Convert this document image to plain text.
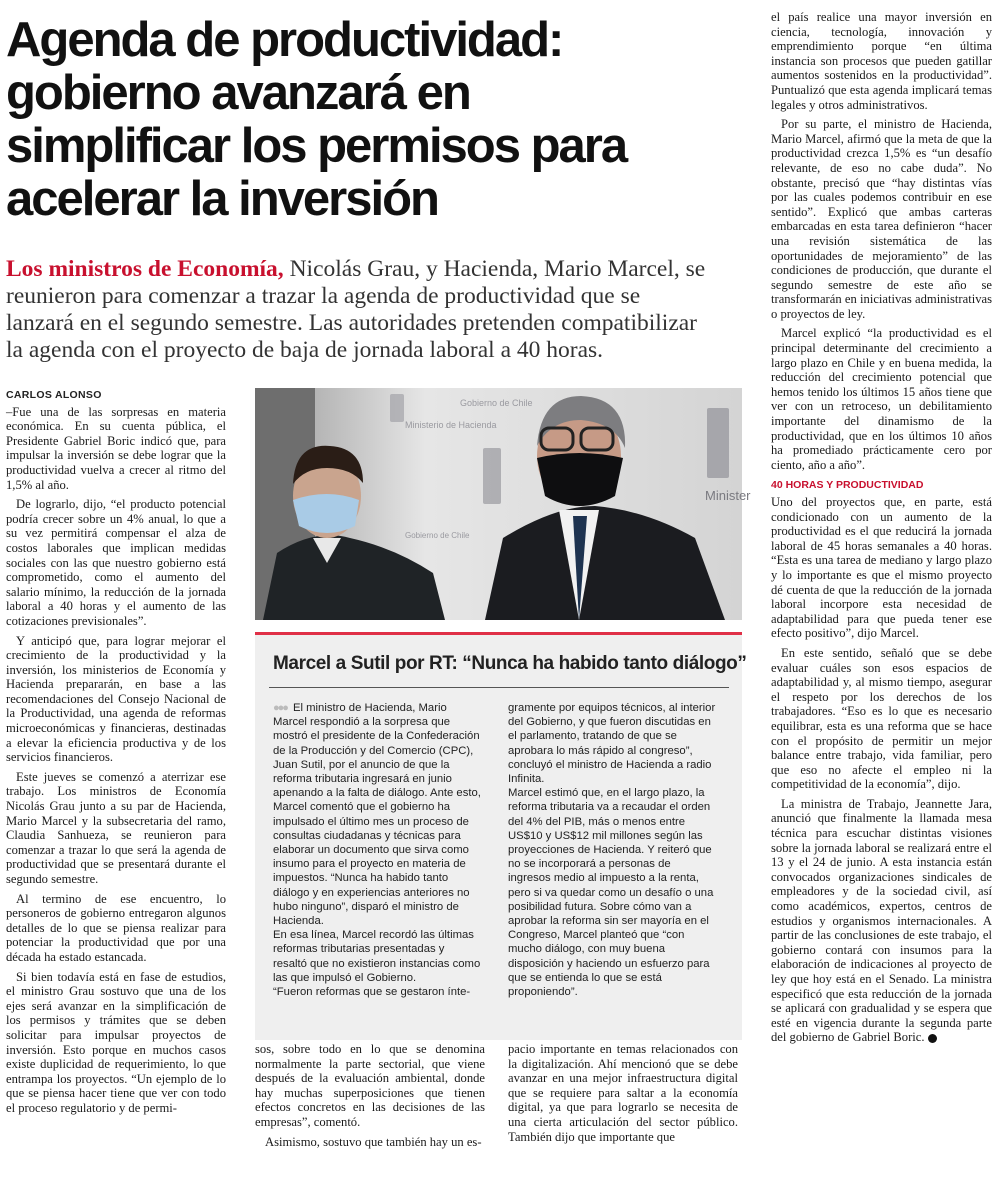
Agenda de productividad:
gobierno avanzará en
simplificar los permisos para
acelerar la inversión
Los ministros de Economía, Nicolás Grau, y Hacienda, Mario Marcel, se
reunieron para comenzar a trazar la agenda de productividad que se
lanzará en el segundo semestre. Las autoridades pretenden compatibilizar
la agenda con el proyecto de baja de jornada laboral a 40 horas.
CARLOS ALONSO

–Fue una de las sorpresas en materia económica. En su cuenta pública, el Presidente Gabriel Boric indicó que, para impulsar la inversión se debe lograr que la productividad vuelva a crecer al ritmo del 1,5% al año.

De lograrlo, dijo, “el producto potencial podría crecer sobre un 4% anual, lo que a su vez permitirá compensar el alza de costos laborales que implican medidas sociales con las que nuestro gobierno está comprometido, como el aumento del salario mínimo, la reducción de la jornada laboral a 40 horas y el aumento de las cotizaciones previsionales”.

Y anticipó que, para lograr mejorar el crecimiento de la productividad y la inversión, los ministerios de Economía y Hacienda prepararán, en base a las recomendaciones del Consejo Nacional de la Productividad, una agenda de reformas microeconómicas y financieras, destinadas a elevar la eficiencia productiva y de los servicios financieros.

Este jueves se comenzó a aterrizar ese trabajo. Los ministros de Economía Nicolás Grau junto a su par de Hacienda, Mario Marcel y la subsecretaria del ramo, Claudia Sanhueza, se reunieron para comenzar a trazar lo que será la agenda de productividad que se presentará durante el segundo semestre.

Al termino de ese encuentro, lo personeros de gobierno entregaron algunos detalles de lo que se piensa realizar para potenciar la productividad que por una década ha estado estancada.

Si bien todavía está en fase de estudios, el ministro Grau sostuvo que una de los ejes será avanzar en la simplificación de los permisos y trámites que se deben solicitar para impulsar proyectos de inversión. Esto porque en muchos casos existe duplicidad de requerimiento, lo que entrampa los proyectos. “Un ejemplo de lo que se piensa hacer tiene que ver con todo el proceso regulatorio y de permi-

Gobierno de Chile
Ministerio de Hacienda
Gobierno de Chile
Minister
Marcel a Sutil por RT: “Nunca ha habido tanto diálogo”

●●● El ministro de Hacienda, Mario Marcel respondió a la sorpresa que mostró el presidente de la Confederación de la Producción y del Comercio (CPC), Juan Sutil, por el anuncio de que la reforma tributaria ingresará en junio apenando a la falta de diálogo. Ante esto, Marcel comentó que el gobierno ha impulsado el último mes un proceso de consultas ciudadanas y técnicas para elaborar un documento que sirva como insumo para el proyecto en materia de impuestos. “Nunca ha habido tanto diálogo y en experiencias anteriores no hubo ninguno”, disparó el ministro de Hacienda.

En esa línea, Marcel recordó las últimas reformas tributarias presentadas y resaltó que no existieron instancias como las que impulsó el Gobierno.

“Fueron reformas que se gestaron ínte-

gramente por equipos técnicos, al interior del Gobierno, y que fueron discutidas en el parlamento, tratando de que se aprobara lo más rápido al congreso”, concluyó el ministro de Hacienda a radio Infinita.

Marcel estimó que, en el largo plazo, la reforma tributaria va a recaudar el orden del 4% del PIB, más o menos entre US$10 y US$12 mil millones según las proyecciones de Hacienda. Y reiteró que no se incorporará a personas de ingresos medio al impuesto a la renta, pero si va quedar como un desafío o una posibilidad futura. Sobre cómo van a aprobar la reforma sin ser mayoría en el Congreso, Marcel planteó que “con mucho diálogo, con muy buena disposición y haciendo un esfuerzo para que se entienda lo que se está proponiendo”.

sos, sobre todo en lo que se denomina normalmente la parte sectorial, que viene después de la evaluación ambiental, donde hay muchas superposiciones que tienen efectos concretos en las decisiones de las empresas”, comentó.

Asimismo, sostuvo que también hay un es-

pacio importante en temas relacionados con la digitalización. Ahí mencionó que se debe avanzar en una mejor infraestructura digital que se requiere para saltar a la economía digital, ya que para lograrlo se necesita de una cierta articulación del sector público. También dijo que importante que

el país realice una mayor inversión en ciencia, tecnología, innovación y emprendimiento porque “en última instancia son procesos que pueden gatillar aumentos sostenidos en la productividad”. Puntualizó que esta agenda implicará temas legales y otros administrativos.

Por su parte, el ministro de Hacienda, Mario Marcel, afirmó que la meta de que la productividad crezca 1,5% es “un desafío relevante, de eso no cabe duda”. No obstante, precisó que “hay distintas vías por las cuales podemos contribuir en ese sentido”. Explicó que ambas carteras embarcadas en esta tarea definieron “hacer una revisión sistemática de las oportunidades de mejoramiento” de las condiciones de producción, que durante el segundo semestre de este año se transformarán en iniciativas administrativas o proyectos de ley.

Marcel explicó “la productividad es el principal determinante del crecimiento a largo plazo en Chile y en buena medida, la reducción del crecimiento potencial que hemos tenido los últimos 15 años tiene que ver con un retroceso, un debilitamiento importante del dinamismo de la productividad, que en los últimos 10 años ha promediado prácticamente cero por ciento, año a año”.

40 HORAS Y PRODUCTIVIDAD

Uno del proyectos que, en parte, está condicionado con un aumento de la productividad es el que reducirá la jornada laboral de 45 horas semanales a 40 horas. “Esta es una tarea de mediano y largo plazo y lo importante es que el mismo proyecto dé cuenta de que la reducción de la jornada laboral incorpore esta necesidad de adaptabilidad para que pueda tener ese efecto positivo”, dijo Marcel.

En este sentido, señaló que se debe evaluar cuáles son esos espacios de adaptabilidad y, al mismo tiempo, asegurar el respeto por los derechos de los trabajadores. “Eso es lo que es necesario equilibrar, esta es una reforma que se hace con el propósito de permitir un mejor balance entre trabajo, vida familiar, pero que eso no afecte el empleo ni la competitividad de la economía”, dijo.

La ministra de Trabajo, Jeannette Jara, anunció que finalmente la llamada mesa técnica para escuchar distintas visiones sobre la jornada laboral se realizará entre el 13 y el 24 de junio. A esta instancia están convocados organizaciones sindicales de empleadores y de la sociedad civil, así como académicos, expertos, centros de estudios y organismos internacionales. A partir de las conclusiones de este trabajo, el gobierno contará con insumos para la elaboración de indicaciones al proyecto de ley que hoy está en el Senado. La ministra especificó que esta reducción de la jornada se aplicará con gradualidad y se espera que esté en vigencia durante la segunda parte del gobierno de Gabriel Boric. P
